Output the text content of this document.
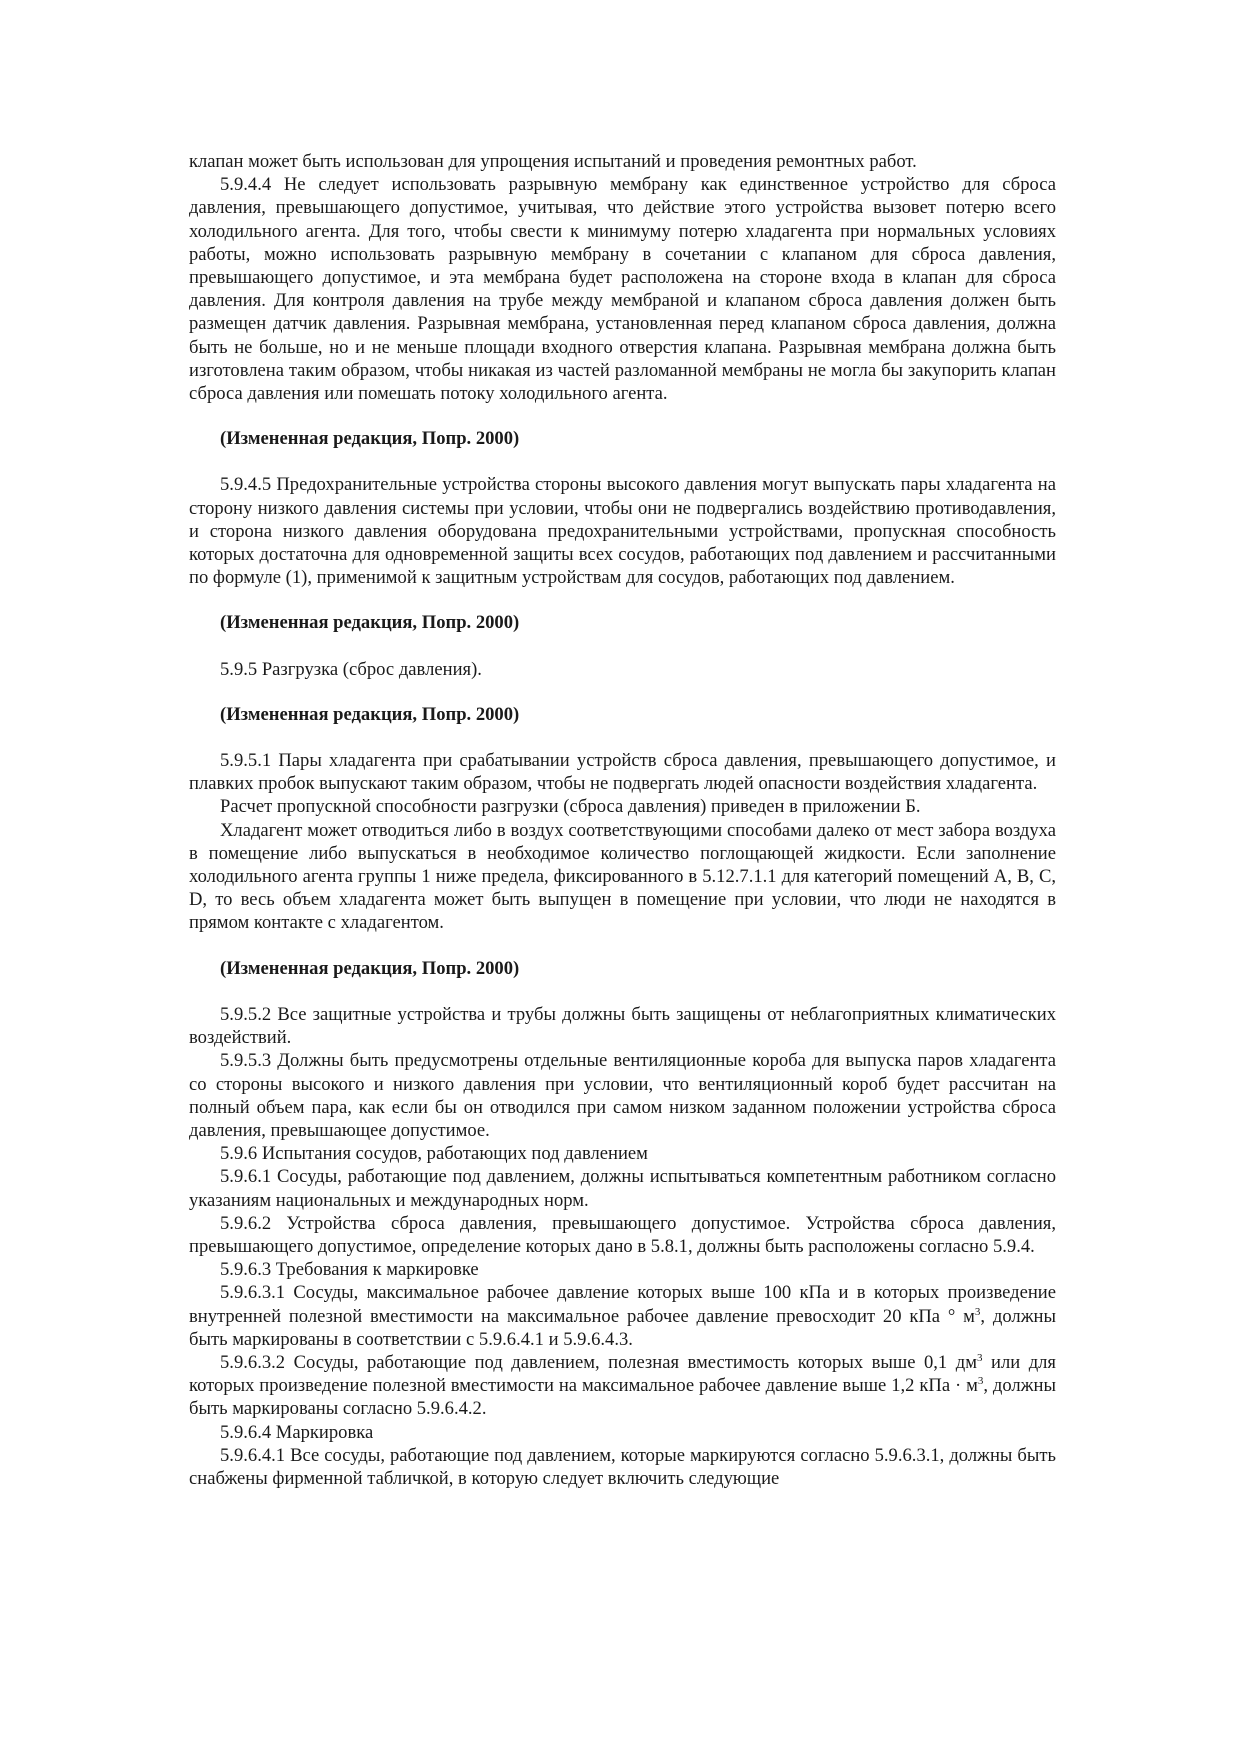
клапан может быть использован для упрощения испытаний и проведения ремонтных работ.

5.9.4.4 Не следует использовать разрывную мембрану как единственное устройство для сброса давления, превышающего допустимое, учитывая, что действие этого устройства вызовет потерю всего холодильного агента. Для того, чтобы свести к минимуму потерю хладагента при нормальных условиях работы, можно использовать разрывную мембрану в сочетании с клапаном для сброса давления, превышающего допустимое, и эта мембрана будет расположена на стороне входа в клапан для сброса давления. Для контроля давления на трубе между мембраной и клапаном сброса давления должен быть размещен датчик давления. Разрывная мембрана, установленная перед клапаном сброса давления, должна быть не больше, но и не меньше площади входного отверстия клапана. Разрывная мембрана должна быть изготовлена таким образом, чтобы никакая из частей разломанной мембраны не могла бы закупорить клапан сброса давления или помешать потоку холодильного агента.

(Измененная редакция, Попр. 2000)

5.9.4.5 Предохранительные устройства стороны высокого давления могут выпускать пары хладагента на сторону низкого давления системы при условии, чтобы они не подвергались воздействию противодавления, и сторона низкого давления оборудована предохранительными устройствами, пропускная способность которых достаточна для одновременной защиты всех сосудов, работающих под давлением и рассчитанными по формуле (1), применимой к защитным устройствам для сосудов, работающих под давлением.

(Измененная редакция, Попр. 2000)

5.9.5 Разгрузка (сброс давления).

(Измененная редакция, Попр. 2000)

5.9.5.1 Пары хладагента при срабатывании устройств сброса давления, превышающего допустимое, и плавких пробок выпускают таким образом, чтобы не подвергать людей опасности воздействия хладагента.

Расчет пропускной способности разгрузки (сброса давления) приведен в приложении Б.

Хладагент может отводиться либо в воздух соответствующими способами далеко от мест забора воздуха в помещение либо выпускаться в необходимое количество поглощающей жидкости. Если заполнение холодильного агента группы 1 ниже предела, фиксированного в 5.12.7.1.1 для категорий помещений А, В, С, D, то весь объем хладагента может быть выпущен в помещение при условии, что люди не находятся в прямом контакте с хладагентом.

(Измененная редакция, Попр. 2000)

5.9.5.2 Все защитные устройства и трубы должны быть защищены от неблагоприятных климатических воздействий.

5.9.5.3 Должны быть предусмотрены отдельные вентиляционные короба для выпуска паров хладагента со стороны высокого и низкого давления при условии, что вентиляционный короб будет рассчитан на полный объем пара, как если бы он отводился при самом низком заданном положении устройства сброса давления, превышающее допустимое.

5.9.6 Испытания сосудов, работающих под давлением

5.9.6.1 Сосуды, работающие под давлением, должны испытываться компетентным работником согласно указаниям национальных и международных норм.

5.9.6.2 Устройства сброса давления, превышающего допустимое. Устройства сброса давления, превышающего допустимое, определение которых дано в 5.8.1, должны быть расположены согласно 5.9.4.

5.9.6.3 Требования к маркировке

5.9.6.3.1 Сосуды, максимальное рабочее давление которых выше 100 кПа и в которых произведение внутренней полезной вместимости на максимальное рабочее давление превосходит 20 кПа ° $м^3$, должны быть маркированы в соответствии с 5.9.6.4.1 и 5.9.6.4.3.

5.9.6.3.2 Сосуды, работающие под давлением, полезная вместимость которых выше 0,1 $дм^3$ или для которых произведение полезной вместимости на максимальное рабочее давление выше 1,2 кПа · $м^3$, должны быть маркированы согласно 5.9.6.4.2.

5.9.6.4 Маркировка

5.9.6.4.1 Все сосуды, работающие под давлением, которые маркируются согласно 5.9.6.3.1, должны быть снабжены фирменной табличкой, в которую следует включить следующие
